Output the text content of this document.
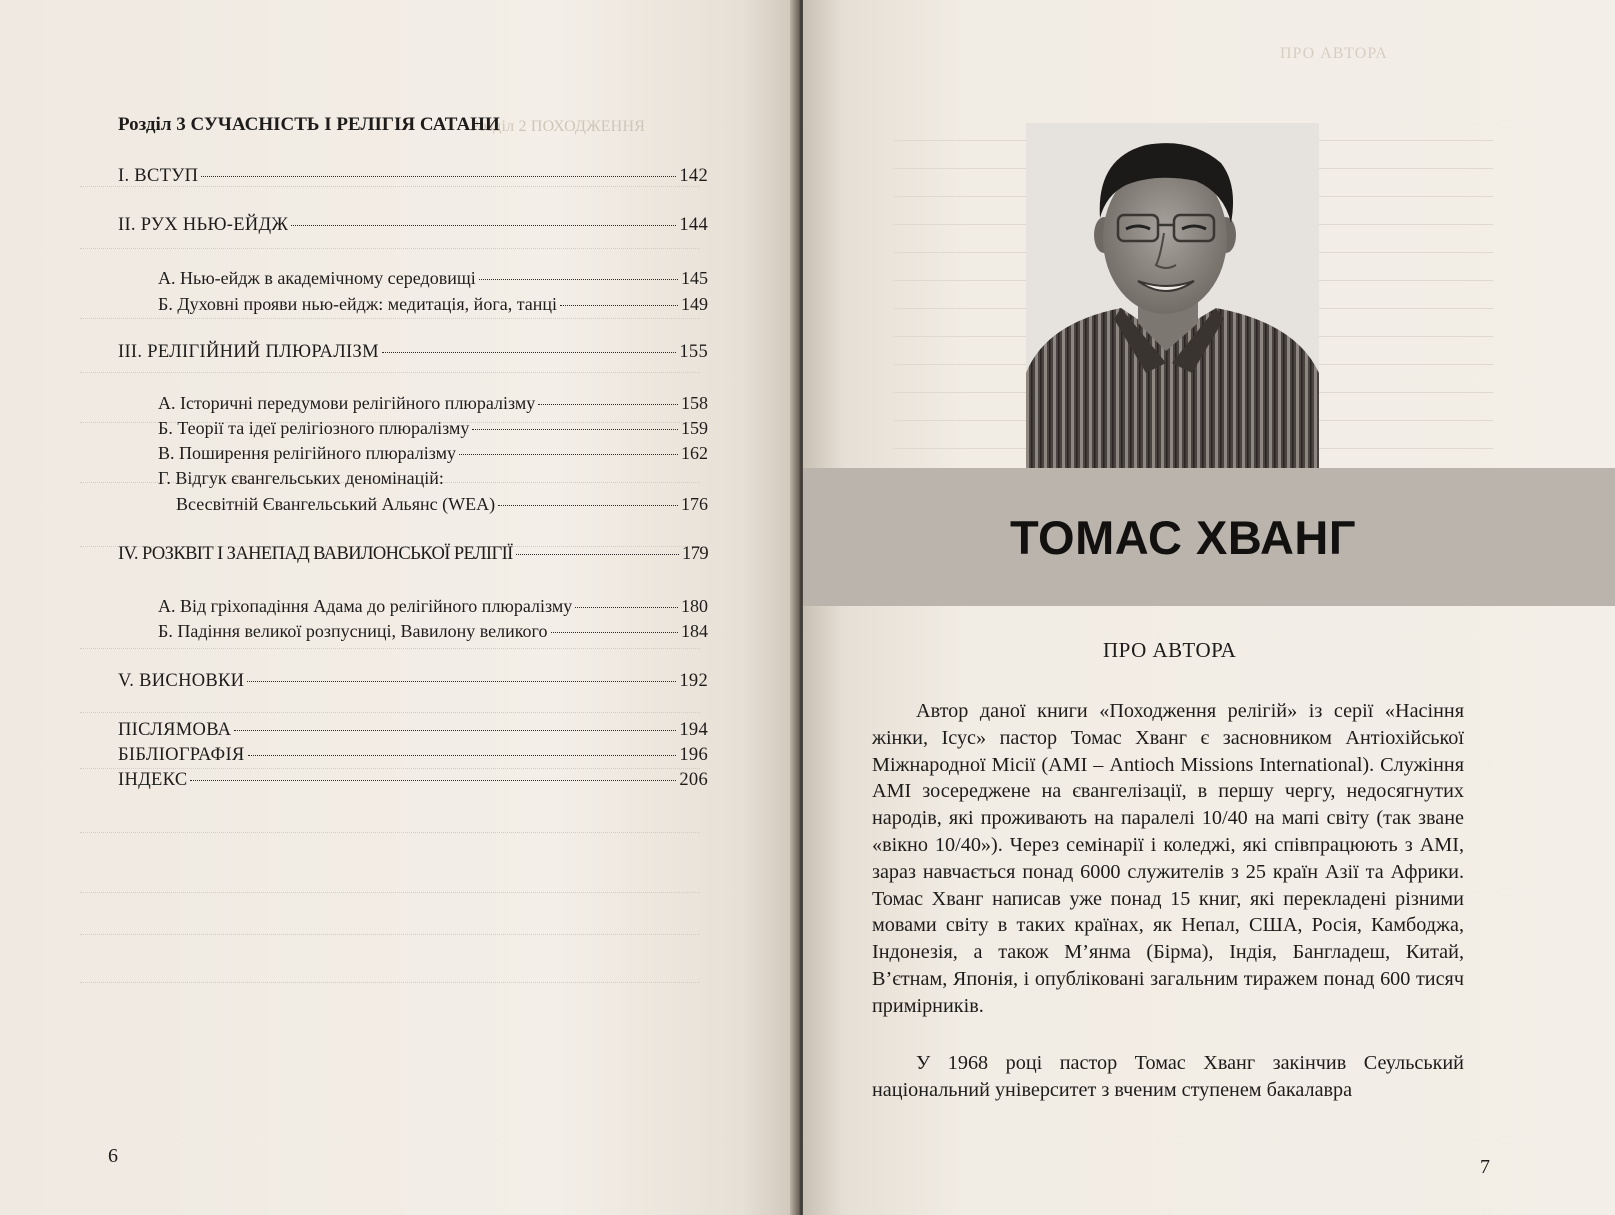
Розділ 2 ПОХОДЖЕННЯ
Розділ 3 СУЧАСНІСТЬ І РЕЛІГІЯ САТАНИ
І. ВСТУП	142
ІІ. РУХ НЬЮ-ЕЙДЖ	144
А. Нью-ейдж в академічному середовищі	145
Б. Духовні прояви нью-ейдж: медитація, йога, танці	149
ІІІ. РЕЛІГІЙНИЙ ПЛЮРАЛІЗМ	155
А. Історичні передумови релігійного плюралізму	158
Б. Теорії та ідеї релігіозного плюралізму	159
В. Поширення релігійного плюралізму	162
Г. Відгук євангельських деномінацій:
Всесвітній Євангельський Альянс (WEA)	176
IV. РОЗКВІТ І ЗАНЕПАД ВАВИЛОНСЬКОЇ РЕЛІГІЇ	179
А. Від гріхопадіння Адама до релігійного плюралізму	180
Б. Падіння великої розпусниці, Вавилону великого	184
V. ВИСНОВКИ	192
ПІСЛЯМОВА	194
БІБЛІОГРАФІЯ	196
ІНДЕКС	206
6
ТОМАС ХВАНГ
ПРО АВТОРА
ПРО АВТОРА
Автор даної книги «Походження релігій» із серії «Насіння жінки, Ісус» пастор Томас Хванг є засновником Антіохійської Міжнародної Місії (АМІ – Antioch Missions International). Служіння АМІ зосереджене на євангелізації, в першу чергу, недосягнутих народів, які проживають на паралелі 10/40 на мапі світу (так зване «вікно 10/40»). Через семінарії і коледжі, які співпрацюють з АМІ, зараз навчається понад 6000 служителів з 25 країн Азії та Африки. Томас Хванг написав уже понад 15 книг, які перекладені різними мовами світу в таких країнах, як Непал, США, Росія, Камбоджа, Індонезія, а також М’янма (Бірма), Індія, Бангладеш, Китай, В’єтнам, Японія, і опубліковані загальним тиражем понад 600 тисяч примірників.
У 1968 році пастор Томас Хванг закінчив Сеульський національний університет з вченим ступенем бакалавра
7
